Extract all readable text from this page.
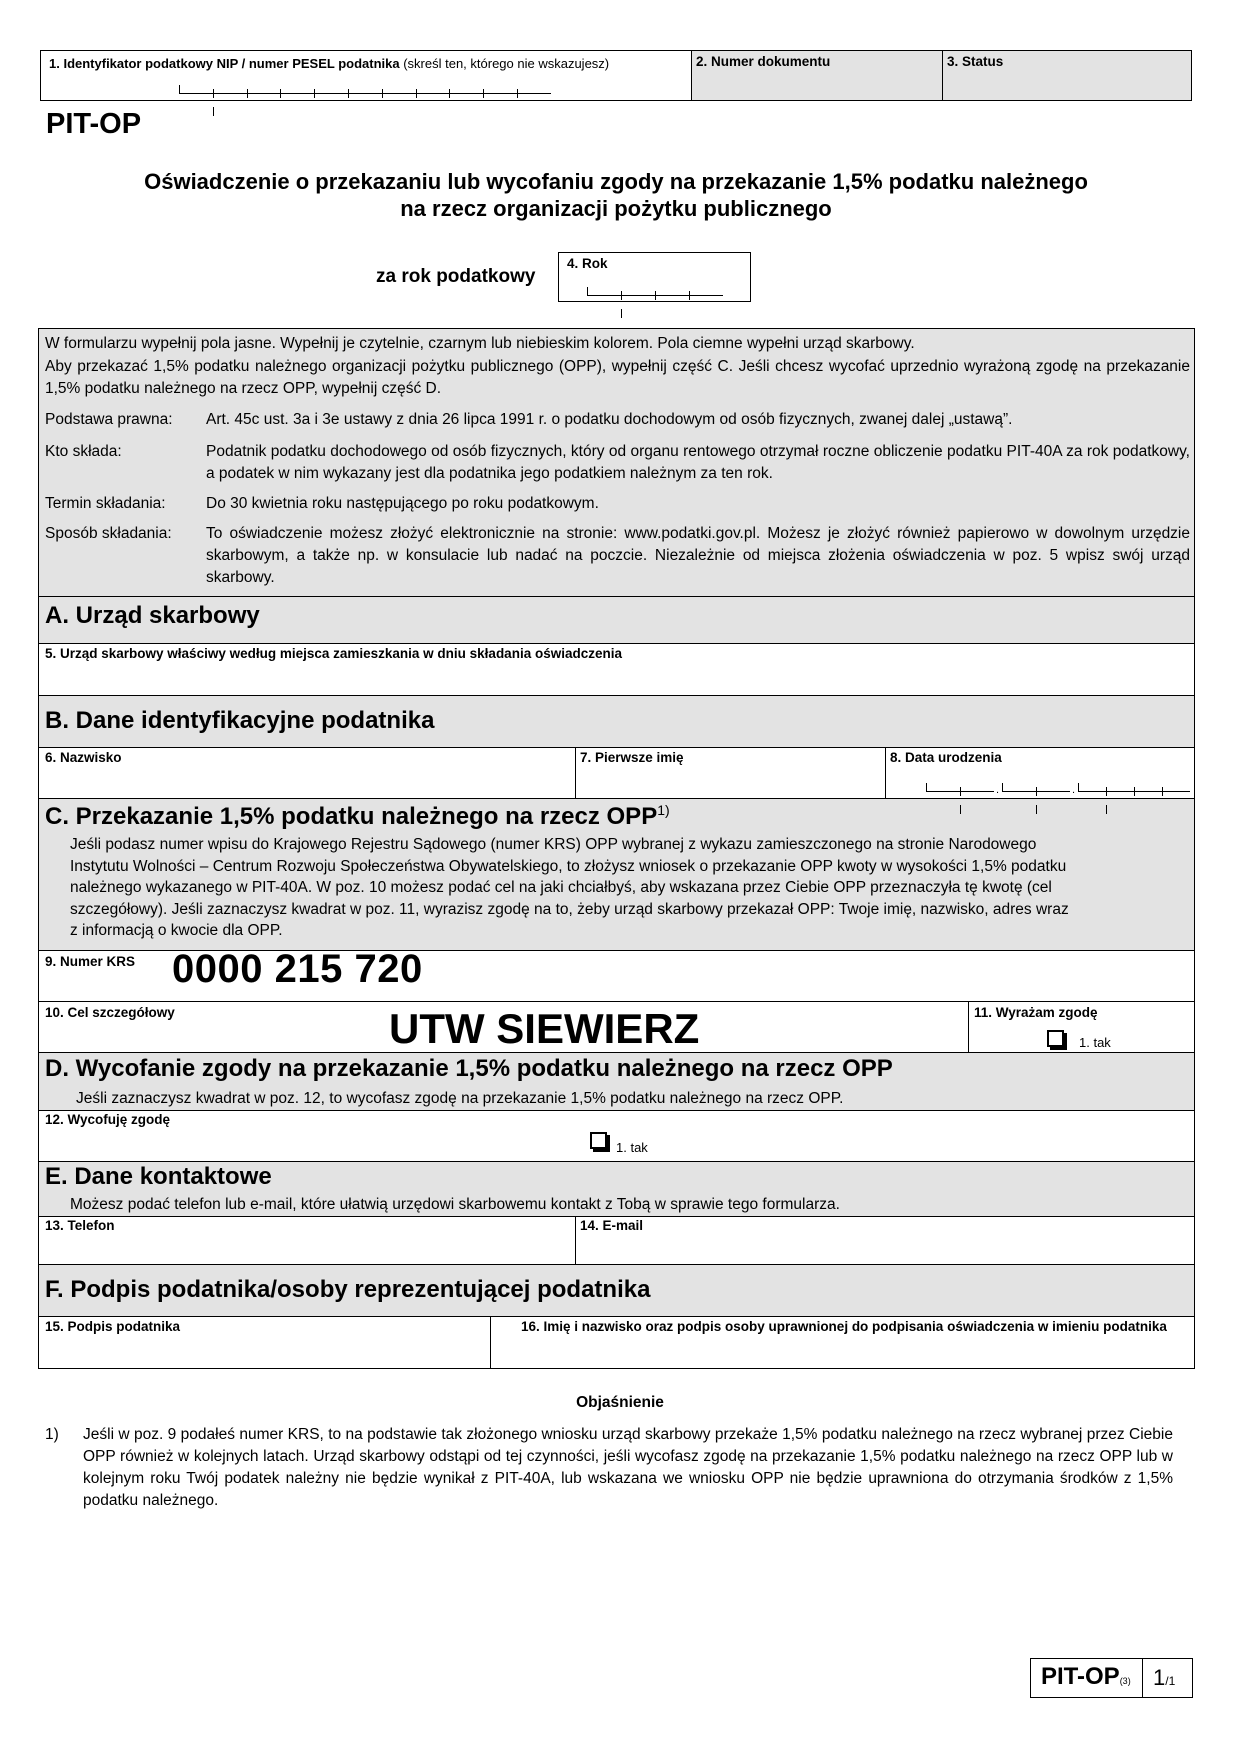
1. Identyfikator podatkowy NIP / numer PESEL podatnika (skreśl ten, którego nie wskazujesz)	2. Numer dokumentu	3. Status
PIT-OP
Oświadczenie o przekazaniu lub wycofaniu zgody na przekazanie 1,5% podatku należnego
na rzecz organizacji pożytku publicznego
za rok podatkowy
4. Rok
W formularzu wypełnij pola jasne. Wypełnij je czytelnie, czarnym lub niebieskim kolorem. Pola ciemne wypełni urząd skarbowy.
Aby przekazać 1,5% podatku należnego organizacji pożytku publicznego (OPP), wypełnij część C. Jeśli chcesz wycofać uprzednio wyrażoną zgodę na przekazanie 1,5% podatku należnego na rzecz OPP, wypełnij część D.
Podstawa prawna: Art. 45c ust. 3a i 3e ustawy z dnia 26 lipca 1991 r. o podatku dochodowym od osób fizycznych, zwanej dalej „ustawą”.
Kto składa:	Podatnik podatku dochodowego od osób fizycznych, który od organu rentowego otrzymał roczne obliczenie podatku PIT-40A za rok podatkowy, a podatek w nim wykazany jest dla podatnika jego podatkiem należnym za ten rok.
Termin składania:	Do 30 kwietnia roku następującego po roku podatkowym.
Sposób składania: To oświadczenie możesz złożyć elektronicznie na stronie: www.podatki.gov.pl. Możesz je złożyć również papierowo w dowolnym urzędzie skarbowym, a także np. w konsulacie lub nadać na poczcie. Niezależnie od miejsca złożenia oświadczenia w poz. 5 wpisz swój urząd skarbowy.
A. Urząd skarbowy
5. Urząd skarbowy właściwy według miejsca zamieszkania w dniu składania oświadczenia
B. Dane identyfikacyjne podatnika
6. Nazwisko	7. Pierwsze imię	8. Data urodzenia
.	.
C. Przekazanie 1,5% podatku należnego na rzecz OPP$^{1)}$
Jeśli podasz numer wpisu do Krajowego Rejestru Sądowego (numer KRS) OPP wybranej z wykazu zamieszczonego na stronie Narodowego
Instytutu Wolności – Centrum Rozwoju Społeczeństwa Obywatelskiego, to złożysz wniosek o przekazanie OPP kwoty w wysokości 1,5% podatku
należnego wykazanego w PIT-40A. W poz. 10 możesz podać cel na jaki chciałbyś, aby wskazana przez Ciebie OPP przeznaczyła tę kwotę (cel
szczegółowy). Jeśli zaznaczysz kwadrat w poz. 11, wyrazisz zgodę na to, żeby urząd skarbowy przekazał OPP: Twoje imię, nazwisko, adres wraz
z informacją o kwocie dla OPP.
9. Numer KRS 0000 215 720
10. Cel szczegółowy	UTW SIEWIERZ	11. Wyrażam zgodę
1. tak
D. Wycofanie zgody na przekazanie 1,5% podatku należnego na rzecz OPP
Jeśli zaznaczysz kwadrat w poz. 12, to wycofasz zgodę na przekazanie 1,5% podatku należnego na rzecz OPP.
12. Wycofuję zgodę
1. tak
E. Dane kontaktowe
Możesz podać telefon lub e-mail, które ułatwią urzędowi skarbowemu kontakt z Tobą w sprawie tego formularza.
13. Telefon	14. E-mail
F. Podpis podatnika/osoby reprezentującej podatnika
15. Podpis podatnika	16. Imię i nazwisko oraz podpis osoby uprawnionej do podpisania oświadczenia w imieniu podatnika
Objaśnienie
1) Jeśli w poz. 9 podałeś numer KRS, to na podstawie tak złożonego wniosku urząd skarbowy przekaże 1,5% podatku należnego na rzecz wybranej przez Ciebie OPP również w kolejnych latach. Urząd skarbowy odstąpi od tej czynności, jeśli wycofasz zgodę na przekazanie 1,5% podatku należnego na rzecz OPP lub w kolejnym roku Twój podatek należny nie będzie wynikał z PIT-40A, lub wskazana we wniosku OPP nie będzie uprawniona do otrzymania środków z 1,5% podatku należnego.
PIT-OP(3) 1/1
